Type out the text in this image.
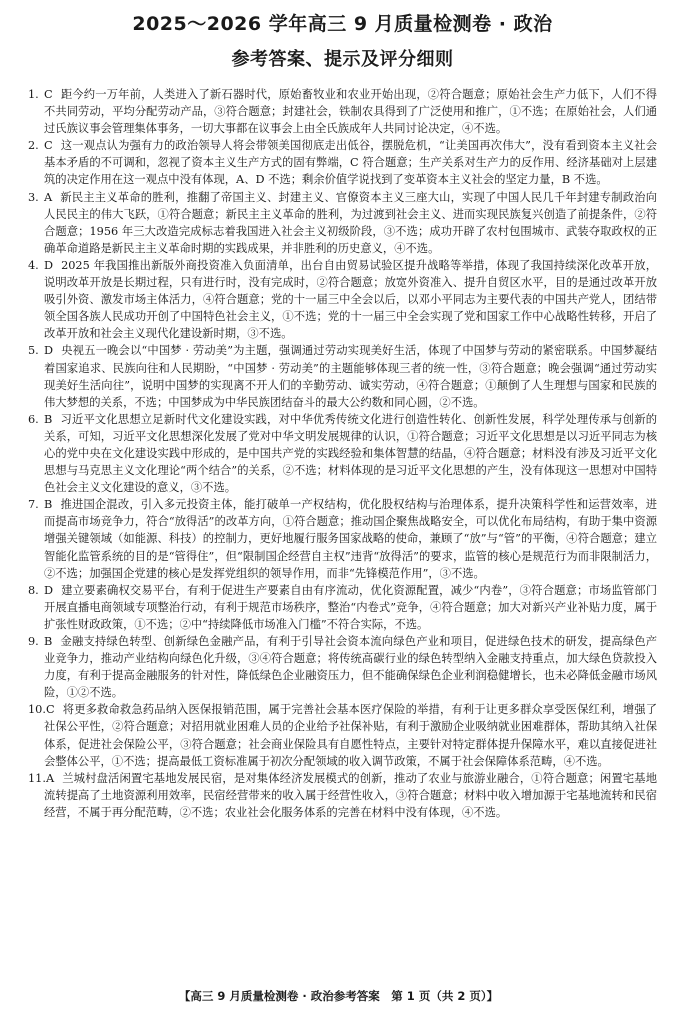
2025～2026 学年高三 9 月质量检测卷 · 政治
参考答案、提示及评分细则

1. C 距今约一万年前，人类进入了新石器时代，原始畜牧业和农业开始出现，②符合题意；原始社会生产力低下，人们不得不共同劳动，平均分配劳动产品，③符合题意；封建社会，铁制农具得到了广泛使用和推广，①不选；在原始社会，人们通过氏族议事会管理集体事务，一切大事都在议事会上由全氏族成年人共同讨论决定，④不选。

2. C 这一观点认为强有力的政治领导人将会带领美国彻底走出低谷，摆脱危机，“让美国再次伟大”，没有看到资本主义社会基本矛盾的不可调和，忽视了资本主义生产方式的固有弊端，C 符合题意；生产关系对生产力的反作用、经济基础对上层建筑的决定作用在这一观点中没有体现，A、D 不选；剩余价值学说找到了变革资本主义社会的坚定力量，B 不选。

3. A 新民主主义革命的胜利，推翻了帝国主义、封建主义、官僚资本主义三座大山，实现了中国人民几千年封建专制政治向人民民主的伟大飞跃，①符合题意；新民主主义革命的胜利，为过渡到社会主义、进而实现民族复兴创造了前提条件，②符合题意；1956 年三大改造完成标志着我国进入社会主义初级阶段，③不选；成功开辟了农村包围城市、武装夺取政权的正确革命道路是新民主主义革命时期的实践成果，并非胜利的历史意义，④不选。

4. D 2025 年我国推出新版外商投资准入负面清单，出台自由贸易试验区提升战略等举措，体现了我国持续深化改革开放，说明改革开放是长期过程，只有进行时，没有完成时，②符合题意；放宽外资准入、提升自贸区水平，目的是通过改革开放吸引外资、激发市场主体活力，④符合题意；党的十一届三中全会以后，以邓小平同志为主要代表的中国共产党人，团结带领全国各族人民成功开创了中国特色社会主义，①不选；党的十一届三中全会实现了党和国家工作中心战略性转移，开启了改革开放和社会主义现代化建设新时期，③不选。

5. D 央视五一晚会以“中国梦 · 劳动美”为主题，强调通过劳动实现美好生活，体现了中国梦与劳动的紧密联系。中国梦凝结着国家追求、民族向往和人民期盼，“中国梦 · 劳动美”的主题能够体现三者的统一性，③符合题意；晚会强调“通过劳动实现美好生活向往”，说明中国梦的实现离不开人们的辛勤劳动、诚实劳动，④符合题意；①颠倒了人生理想与国家和民族的伟大梦想的关系，不选；中国梦成为中华民族团结奋斗的最大公约数和同心圆，②不选。

6. B 习近平文化思想立足新时代文化建设实践，对中华优秀传统文化进行创造性转化、创新性发展，科学处理传承与创新的关系，可知，习近平文化思想深化发展了党对中华文明发展规律的认识，①符合题意；习近平文化思想是以习近平同志为核心的党中央在文化建设实践中形成的，是中国共产党的实践经验和集体智慧的结晶，④符合题意；材料没有涉及习近平文化思想与马克思主义文化理论“两个结合”的关系，②不选；材料体现的是习近平文化思想的产生，没有体现这一思想对中国特色社会主义文化建设的意义，③不选。

7. B 推进国企混改，引入多元投资主体，能打破单一产权结构，优化股权结构与治理体系，提升决策科学性和运营效率，进而提高市场竞争力，符合“放得活”的改革方向，①符合题意；推动国企聚焦战略安全，可以优化布局结构，有助于集中资源增强关键领域（如能源、科技）的控制力，更好地履行服务国家战略的使命，兼顾了“放”与“管”的平衡，④符合题意；建立智能化监管系统的目的是“管得住”，但“限制国企经营自主权”违背“放得活”的要求，监管的核心是规范行为而非限制活力，②不选；加强国企党建的核心是发挥党组织的领导作用，而非“先锋模范作用”，③不选。

8. D 建立要素确权交易平台，有利于促进生产要素自由有序流动，优化资源配置，减少“内卷”，③符合题意；市场监管部门开展直播电商领域专项整治行动，有利于规范市场秩序，整治“内卷式”竞争，④符合题意；加大对新兴产业补贴力度，属于扩张性财政政策，①不选；②中“持续降低市场准入门槛”不符合实际，不选。

9. B 金融支持绿色转型、创新绿色金融产品，有利于引导社会资本流向绿色产业和项目，促进绿色技术的研发，提高绿色产业竞争力，推动产业结构向绿色化升级，③④符合题意；将传统高碳行业的绿色转型纳入金融支持重点，加大绿色贷款投入力度，有利于提高金融服务的针对性，降低绿色企业融资压力，但不能确保绿色企业利润稳健增长，也未必降低金融市场风险，①②不选。

10.C 将更多救命救急药品纳入医保报销范围，属于完善社会基本医疗保险的举措，有利于让更多群众享受医保红利，增强了社保公平性，②符合题意；对招用就业困难人员的企业给予社保补贴，有利于激励企业吸纳就业困难群体，帮助其纳入社保体系，促进社会保险公平，③符合题意；社会商业保险具有自愿性特点，主要针对特定群体提升保障水平，难以直接促进社会整体公平，①不选；提高最低工资标准属于初次分配领域的收入调节政策，不属于社会保障体系范畴，④不选。

11.A 兰城村盘活闲置宅基地发展民宿，是对集体经济发展模式的创新，推动了农业与旅游业融合，①符合题意；闲置宅基地流转提高了土地资源利用效率，民宿经营带来的收入属于经营性收入，③符合题意；材料中收入增加源于宅基地流转和民宿经营，不属于再分配范畴，②不选；农业社会化服务体系的完善在材料中没有体现，④不选。

【高三 9 月质量检测卷 · 政治参考答案　第 1 页（共 2 页）】
